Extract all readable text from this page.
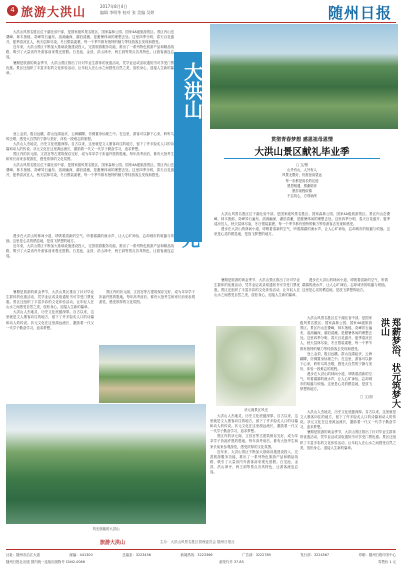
4 旅游大洪山	2017年8月4日
编辑 李明华 校对 张 美编 吴婷	随州日报

大洪山风景名胜区位于湖北省中部，是国家级风景名胜区、国家森林公园、国家4A级旅游景区。景区内山峦叠嶂，林木葱郁，奇峰异石遍布，溶洞幽深，湖泊清澈，是避暑休闲的理想去处。这里四季分明，春天百花盛开，夏季清凉宜人，秋天层林尽染，冬日银装素裹，每一个季节都有独特的魅力等待游客去发现和感受。

近年来，大洪山景区不断加大基础设施建设投入，完善旅游服务功能，推出了一系列特色旅游产品和精品线路，吸引了大量省内外游客前来观光度假。白龙池、金顶、洪山禅寺、两王洞等景点各具特色，让游客流连忘返。

暑期是旅游的黄金季节，大洪山景区推出了针对毕业生群体的优惠活动，凭毕业证或录取通知书可享受门票优惠。景区还组织了丰富多彩的文化体验活动，让年轻人在山水之间感受自然之美，放松身心，迎接人生新的篇章。

登上金顶，极目远眺，群山连绵起伏，云海翻腾，仿佛置身仙境之中。在这里，游客可以静下心来，聆听鸟鸣虫唱，感受大自然的宁静与美好，体验一段难忘的旅程。

大洪山人杰地灵，历史文化底蕴深厚。自古以来，这里就是文人墨客向往的地方，留下了许多脍炙人口的诗篇和动人的传说。状元文化在这里源远流长，激励着一代又一代学子勤奋学习，追求梦想。

景区内的状元阁、文昌宫等古建筑保存完好，成为莘莘学子祈福许愿的胜地。每年高考前后，都有大批考生和家长前来参观游览，感受浓厚的文化氛围。

大洪山风景名胜区位于湖北省中部，是国家级风景名胜区、国家森林公园、国家4A级旅游景区。景区内山峦叠嶂，林木葱郁，奇峰异石遍布，溶洞幽深，湖泊清澈，是避暑休闲的理想去处。这里四季分明，春天百花盛开，夏季清凉宜人，秋天层林尽染，冬日银装素裹，每一个季节都有独特的魅力等待游客去发现和感受。

漫步在大洪山的林间小道，呼吸着清新的空气，听着潺潺的流水声，让人心旷神怡，忘却城市的喧嚣与烦恼。这里是心灵的栖息地，是放飞梦想的地方。

近年来，大洪山景区不断加大基础设施建设投入，完善旅游服务功能，推出了一系列特色旅游产品和精品线路，吸引了大量省内外游客前来观光度假。白龙池、金顶、洪山禅寺、两王洞等景点各具特色，让游客流连忘返。

暑期是旅游的黄金季节，大洪山景区推出了针对毕业生群体的优惠活动，凭毕业证或录取通知书可享受门票优惠。景区还组织了丰富多彩的文化体验活动，让年轻人在山水之间感受自然之美，放松身心，迎接人生新的篇章。

大洪山人杰地灵，历史文化底蕴深厚。自古以来，这里就是文人墨客向往的地方，留下了许多脍炙人口的诗篇和动人的传说。状元文化在这里源远流长，激励着一代又一代学子勤奋学习，追求梦想。

大洪山
游享自在好时光	贯彻青春梦想 感恩祖母恩情
大洪山景区献礼毕业季
□ 文/图
山外有山，人外有人
风景无限好，仍需登高望远
每一步都是成长的足迹
感恩相遇，感谢陪伴
愿你前程似锦
不忘初心，方得始终

大洪山风景名胜区位于湖北省中部，是国家级风景名胜区、国家森林公园、国家4A级旅游景区。景区内山峦叠嶂，林木葱郁，奇峰异石遍布，溶洞幽深，湖泊清澈，是避暑休闲的理想去处。这里四季分明，春天百花盛开，夏季清凉宜人，秋天层林尽染，冬日银装素裹，每一个季节都有独特的魅力等待游客去发现和感受。

漫步在大洪山的林间小道，呼吸着清新的空气，听着潺潺的流水声，让人心旷神怡，忘却城市的喧嚣与烦恼。这里是心灵的栖息地，是放飞梦想的地方。

景区内的状元阁、文昌宫等古建筑保存完好，成为莘莘学子祈福许愿的胜地。每年高考前后，都有大批考生和家长前来参观游览，感受浓厚的文化氛围。

风光旖旎的大洪山

暑期是旅游的黄金季节，大洪山景区推出了针对毕业生群体的优惠活动，凭毕业证或录取通知书可享受门票优惠。景区还组织了丰富多彩的文化体验活动，让年轻人在山水之间感受自然之美，放松身心，迎接人生新的篇章。

漫步在大洪山的林间小道，呼吸着清新的空气，听着潺潺的流水声，让人心旷神怡，忘却城市的喧嚣与烦恼。这里是心灵的栖息地，是放飞梦想的地方。

状元阁景区风光

大洪山人杰地灵，历史文化底蕴深厚。自古以来，这里就是文人墨客向往的地方，留下了许多脍炙人口的诗篇和动人的传说。状元文化在这里源远流长，激励着一代又一代学子勤奋学习，追求梦想。

景区内的状元阁、文昌宫等古建筑保存完好，成为莘莘学子祈福许愿的胜地。每年高考前后，都有大批考生和家长前来参观游览，感受浓厚的文化氛围。

近年来，大洪山景区不断加大基础设施建设投入，完善旅游服务功能，推出了一系列特色旅游产品和精品线路，吸引了大量省内外游客前来观光度假。白龙池、金顶、洪山禅寺、两王洞等景点各具特色，让游客流连忘返。

大洪山风景名胜区位于湖北省中部，是国家级风景名胜区、国家森林公园、国家4A级旅游景区。景区内山峦叠嶂，林木葱郁，奇峰异石遍布，溶洞幽深，湖泊清澈，是避暑休闲的理想去处。这里四季分明，春天百花盛开，夏季清凉宜人，秋天层林尽染，冬日银装素裹，每一个季节都有独特的魅力等待游客去发现和感受。

登上金顶，极目远眺，群山连绵起伏，云海翻腾，仿佛置身仙境之中。在这里，游客可以静下心来，聆听鸟鸣虫唱，感受大自然的宁静与美好，体验一段难忘的旅程。

漫步在大洪山的林间小道，呼吸着清新的空气，听着潺潺的流水声，让人心旷神怡，忘却城市的喧嚣与烦恼。这里是心灵的栖息地，是放飞梦想的地方。

大洪山人杰地灵，历史文化底蕴深厚。自古以来，这里就是文人墨客向往的地方，留下了许多脍炙人口的诗篇和动人的传说。状元文化在这里源远流长，激励着一代又一代学子勤奋学习，追求梦想。

暑期是旅游的黄金季节，大洪山景区推出了针对毕业生群体的优惠活动，凭毕业证或录取通知书可享受门票优惠。景区还组织了丰富多彩的文化体验活动，让年轻人在山水之间感受自然之美，放松身心，迎接人生新的篇章。

郑薪梦浴、状元筑梦大洪山
□ 文/图
旅游大洪山	主办：大洪山风景名胜区管理委员会 随州日报社
社址：随州市沿江大道	邮编：441300	总编室：3223456	新闻热线：3223366	广告部：3222789	发行部：3224567	印刷：随州日报印务中心
随州日报社出版 国内统一连续出版物号 CN42-0066	邮发代号 37-85	零售价 1 元
